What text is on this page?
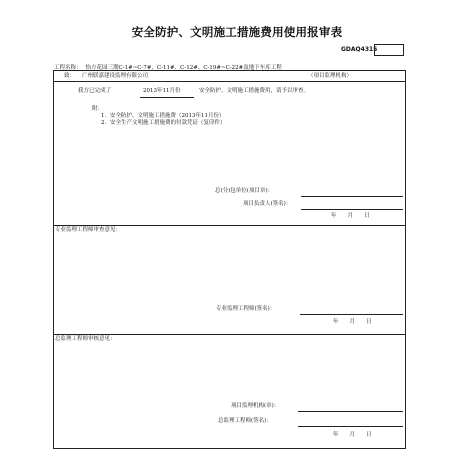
安全防护、文明施工措施费用使用报审表
GDAQ4315
工程名称： 怡方花园三期C-1#~C-7#、C-11#、C-12#、C-19#~C-22#及地下车库工程
致： 广州联嘉建设监理有限公司	（项目监理机构）
我方已完成了	2013年11月份	安全防护、文明施工措施费用，请予以审查。
附：
1．安全防护、文明施工措施费（2013年11月份）
2．安全生产文明施工措施费的付款凭证（复印件）
总(分)包单位(项目章)：
项目负责人(签名)：
年　　月　　日
专业监理工程师审查意见：
专业监理工程师(签名)：
年　　月　　日
总监理工程师审核意见：
项目监理机构(章)：
总监理工程师(签名)：
年　　月　　日
